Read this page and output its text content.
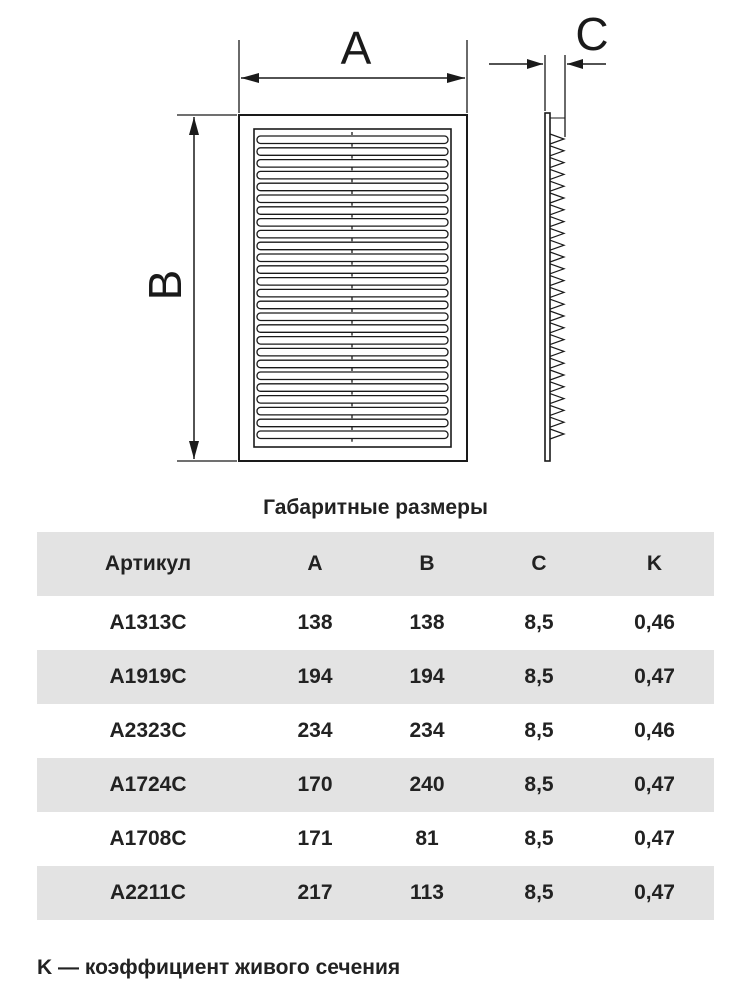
A	C
B
Габаритные размеры
Артикул	A	B	C	K
A1313C	138	138	8,5	0,46
A1919C	194	194	8,5	0,47
A2323C	234	234	8,5	0,46
A1724C	170	240	8,5	0,47
A1708C	171	81	8,5	0,47
A2211C	217	113	8,5	0,47
K — коэффициент живого сечения
